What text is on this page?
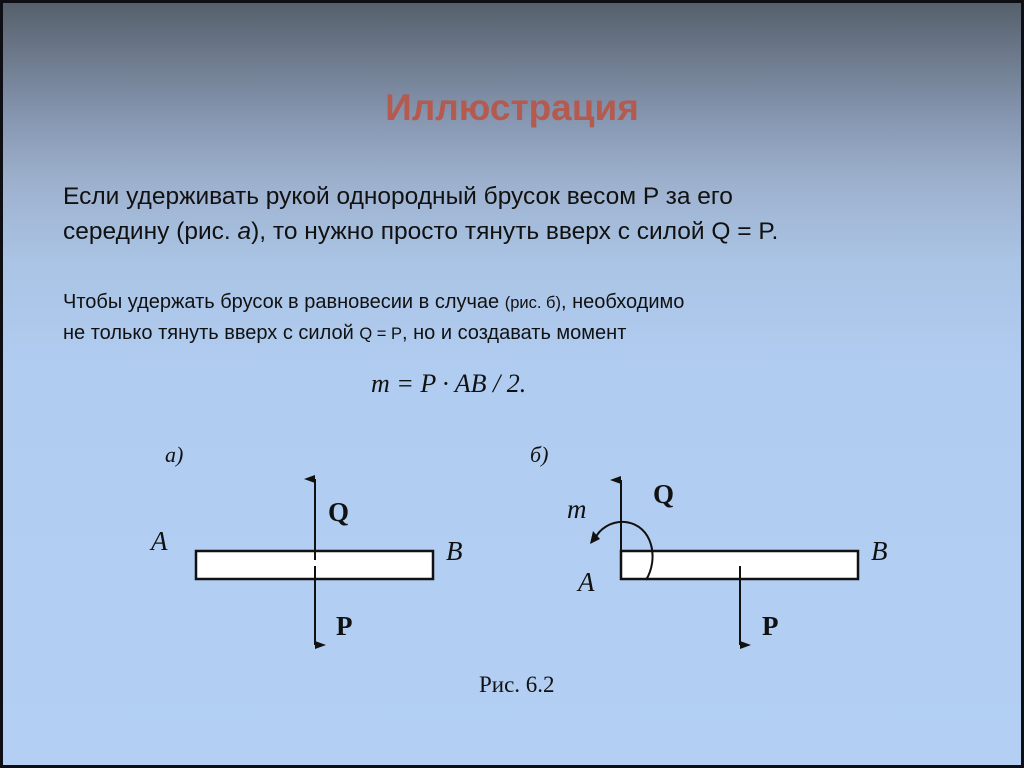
Иллюстрация
Если удерживать рукой однородный брусок весом P за его
середину (рис. а), то нужно просто тянуть вверх с силой Q = P.
Чтобы удержать брусок в равновесии в случае (рис. б), необходимо
не только тянуть вверх с силой Q = P, но и создавать момент
m = P · AB / 2.
а)
A	B
Q
P
б)
m
A
B
Q
P
Рис. 6.2
